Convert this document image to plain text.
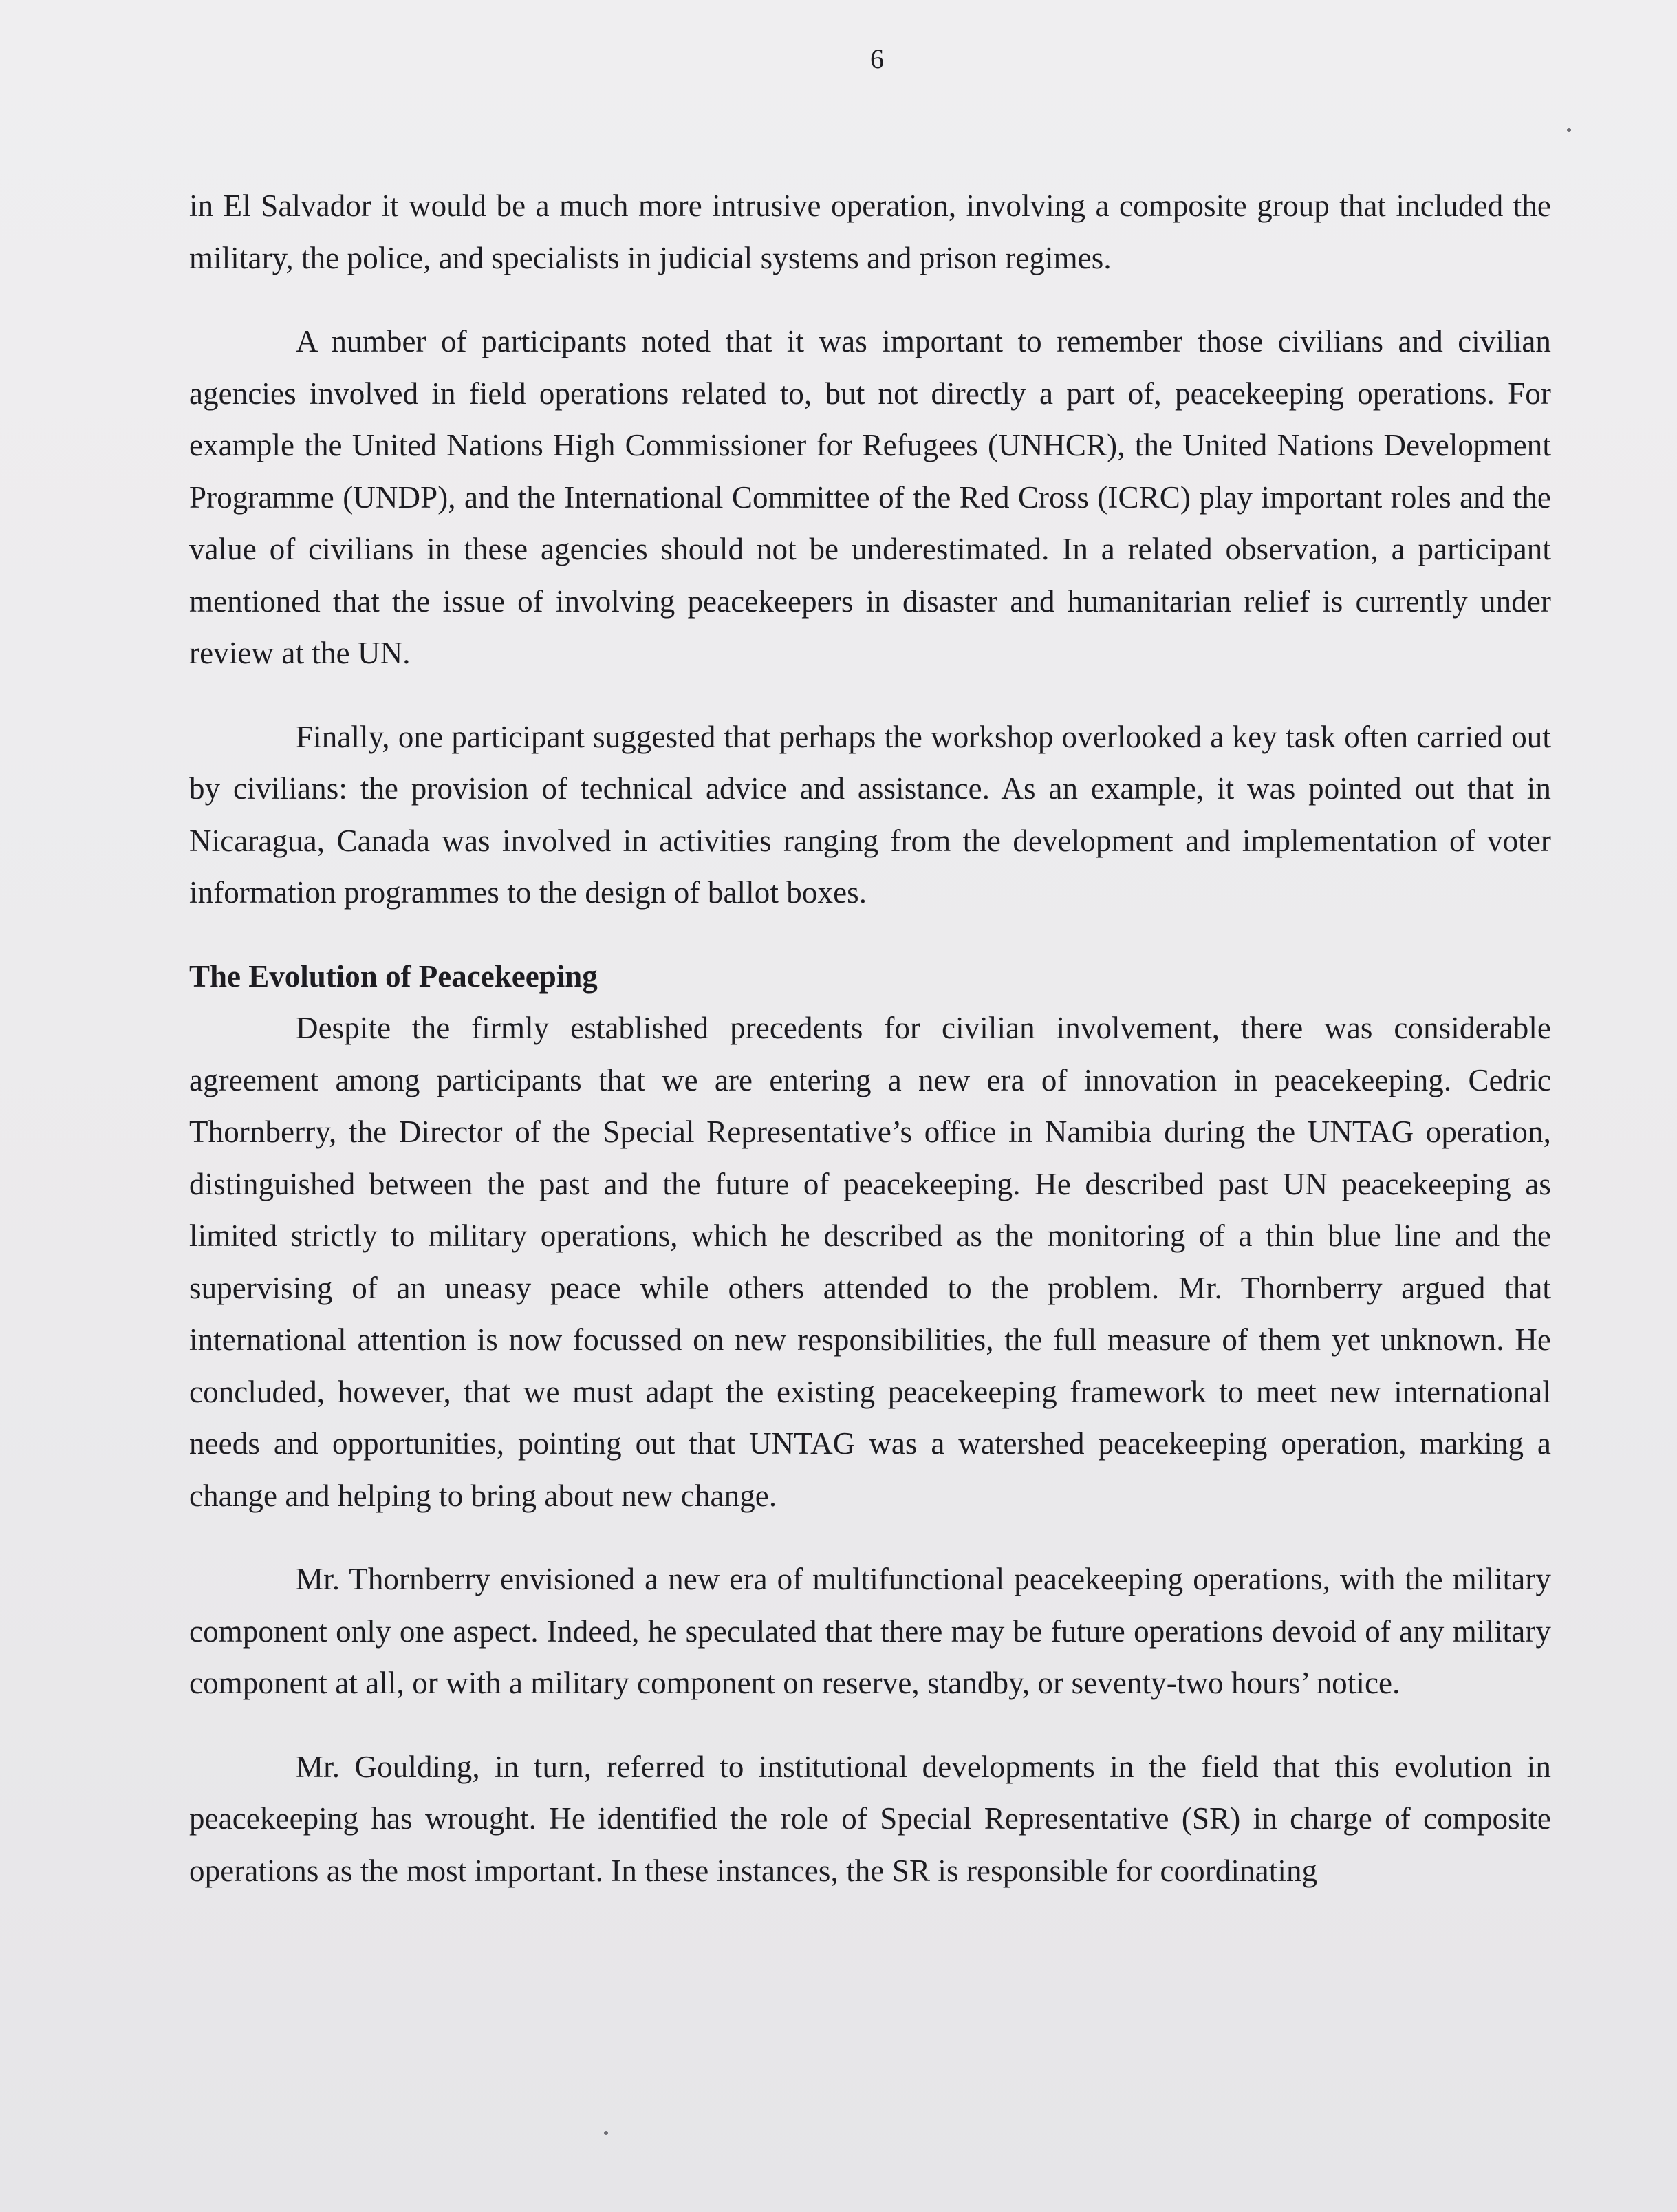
6

in El Salvador it would be a much more intrusive operation, involving a composite group that included the military, the police, and specialists in judicial systems and prison regimes.

A number of participants noted that it was important to remember those civilians and civilian agencies involved in field operations related to, but not directly a part of, peacekeeping operations. For example the United Nations High Commissioner for Refugees (UNHCR), the United Nations Development Programme (UNDP), and the International Committee of the Red Cross (ICRC) play important roles and the value of civilians in these agencies should not be underestimated. In a related observation, a participant mentioned that the issue of involving peacekeepers in disaster and humanitarian relief is currently under review at the UN.

Finally, one participant suggested that perhaps the workshop overlooked a key task often carried out by civilians: the provision of technical advice and assistance. As an example, it was pointed out that in Nicaragua, Canada was involved in activities ranging from the development and implementation of voter information programmes to the design of ballot boxes.

The Evolution of Peacekeeping

Despite the firmly established precedents for civilian involvement, there was considerable agreement among participants that we are entering a new era of innovation in peacekeeping. Cedric Thornberry, the Director of the Special Representative’s office in Namibia during the UNTAG operation, distinguished between the past and the future of peacekeeping. He described past UN peacekeeping as limited strictly to military operations, which he described as the monitoring of a thin blue line and the supervising of an uneasy peace while others attended to the problem. Mr. Thornberry argued that international attention is now focussed on new responsibilities, the full measure of them yet unknown. He concluded, however, that we must adapt the existing peacekeeping framework to meet new international needs and opportunities, pointing out that UNTAG was a watershed peacekeeping operation, marking a change and helping to bring about new change.

Mr. Thornberry envisioned a new era of multifunctional peacekeeping operations, with the military component only one aspect. Indeed, he speculated that there may be future operations devoid of any military component at all, or with a military component on reserve, standby, or seventy-two hours’ notice.

Mr. Goulding, in turn, referred to institutional developments in the field that this evolution in peacekeeping has wrought. He identified the role of Special Representative (SR) in charge of composite operations as the most important. In these instances, the SR is responsible for coordinating
